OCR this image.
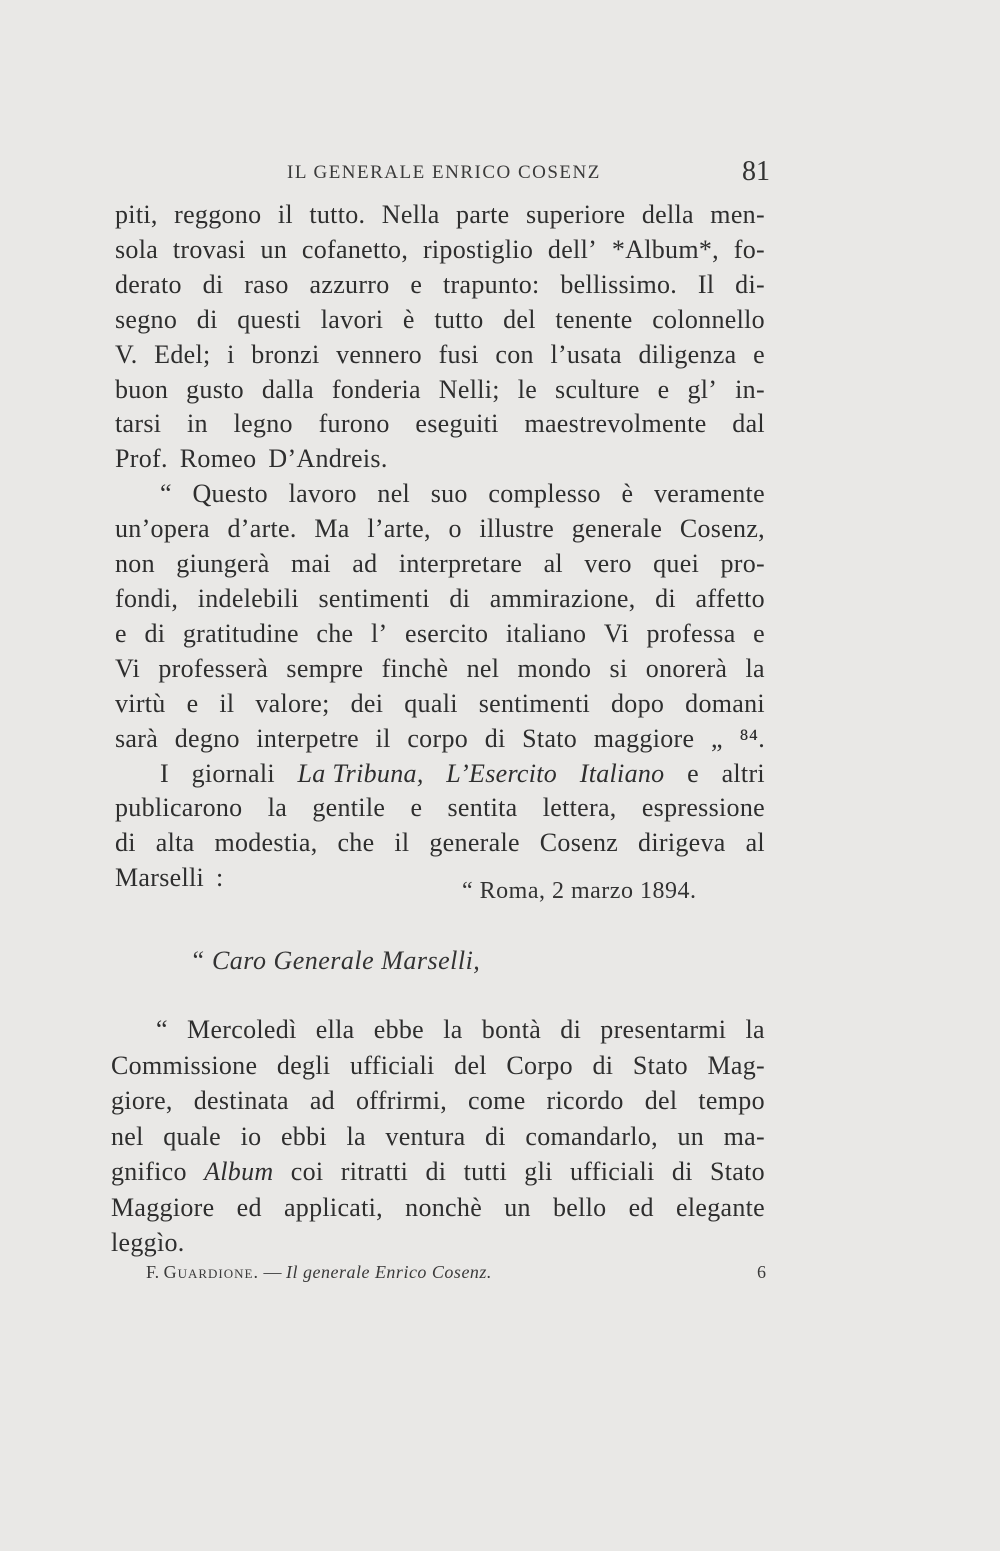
IL GENERALE ENRICO COSENZ	81
piti, reggono il tutto. Nella parte superiore della men-
sola trovasi un cofanetto, ripostiglio dell’ *Album*, fo-
derato di raso azzurro e trapunto: bellissimo. Il di-
segno di questi lavori è tutto del tenente colonnello
V. Edel; i bronzi vennero fusi con l’usata diligenza e
buon gusto dalla fonderia Nelli; le sculture e gl’ in-
tarsi in legno furono eseguiti maestrevolmente dal
Prof. Romeo D’Andreis.
“ Questo lavoro nel suo complesso è veramente
un’opera d’arte. Ma l’arte, o illustre generale Cosenz,
non giungerà mai ad interpretare al vero quei pro-
fondi, indelebili sentimenti di ammirazione, di affetto
e di gratitudine che l’ esercito italiano Vi professa e
Vi professerà sempre finchè nel mondo si onorerà la
virtù e il valore; dei quali sentimenti dopo domani
sarà degno interpetre il corpo di Stato maggiore „ ⁸⁴.
I giornali La Tribuna, L’Esercito Italiano e altri
publicarono la gentile e sentita lettera, espressione
di alta modestia, che il generale Cosenz dirigeva al
Marselli :	“ Roma, 2 marzo 1894.
“ Caro Generale Marselli,
“ Mercoledì ella ebbe la bontà di presentarmi la
Commissione degli ufficiali del Corpo di Stato Mag-
giore, destinata ad offrirmi, come ricordo del tempo
nel quale io ebbi la ventura di comandarlo, un ma-
gnifico Album coi ritratti di tutti gli ufficiali di Stato
Maggiore ed applicati, nonchè un bello ed elegante
leggìo.
F. Guardione. — Il generale Enrico Cosenz.	6
